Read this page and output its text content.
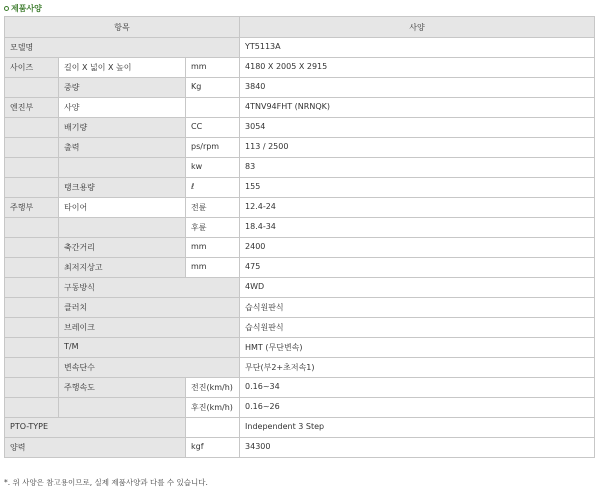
제품사양
항목			사양
모델명			YT5113A
사이즈	길이 X 넓이 X 높이	mm	4180 X 2005 X 2915
	중량	Kg	3840
엔진부	사양		4TNV94FHT (NRNQK)
	배기량	CC	3054
	출력	ps/rpm	113 / 2500
		kw	83
	탱크용량	ℓ	155
주행부	타이어	전륜	12.4-24
		후륜	18.4-34
	축간거리	mm	2400
	최저지상고	mm	475
	구동방식		4WD
	클러치		습식원판식
	브레이크		습식원판식
	T/M		HMT (무단변속)
	변속단수		무단(부2+초저속1)
	주행속도	전진(km/h)	0.16~34
		후진(km/h)	0.16~26
PTO-TYPE			Independent 3 Step
양력		kgf	34300
*. 위 사양은 참고용이므로, 실제 제품사양과 다를 수 있습니다.
